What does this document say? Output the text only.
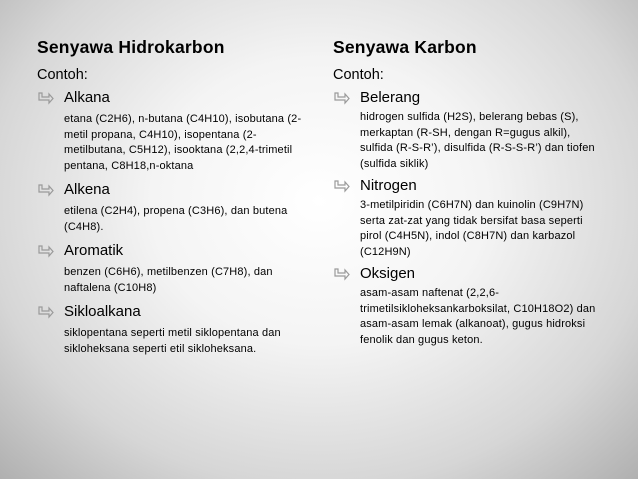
Senyawa Hidrokarbon
Contoh:
Alkana
etana (C2H6), n-butana (C4H10), isobutana (2-metil propana, C4H10), isopentana (2-metilbutana, C5H12), isooktana (2,2,4-trimetil pentana, C8H18,n-oktana
Alkena
etilena (C2H4), propena (C3H6), dan butena (C4H8).
Aromatik
benzen (C6H6), metilbenzen (C7H8), dan naftalena (C10H8)
Sikloalkana
siklopentana seperti metil siklopentana dan sikloheksana seperti etil sikloheksana.
Senyawa Karbon
Contoh:
Belerang
hidrogen sulfida (H2S), belerang bebas (S), merkaptan (R-SH, dengan R=gugus alkil), sulfida (R-S-R’), disulfida (R-S-S-R’) dan tiofen (sulfida siklik)
Nitrogen
3-metilpiridin (C6H7N) dan kuinolin (C9H7N) serta zat-zat yang tidak bersifat basa seperti pirol (C4H5N), indol (C8H7N) dan karbazol (C12H9N)
Oksigen
asam-asam naftenat (2,2,6-trimetilsikloheksankarboksilat, C10H18O2) dan asam-asam lemak (alkanoat), gugus hidroksi fenolik dan gugus keton.
